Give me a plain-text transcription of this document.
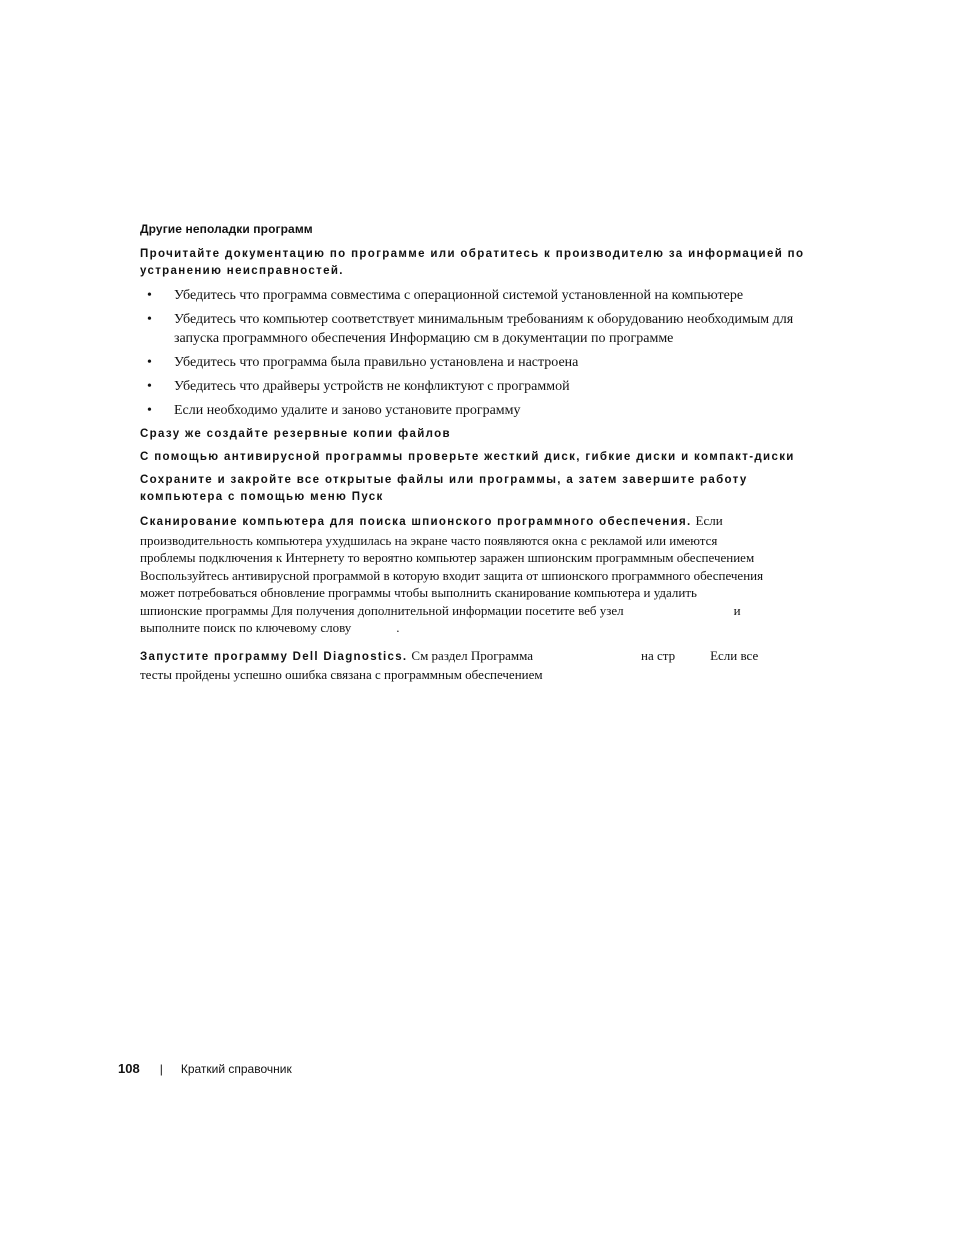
Другие неполадки программ
Прочитайте документацию по программе или обратитесь к производителю за информацией по устранению неисправностей.
• Убедитесь что программа совместима с операционной системой установленной на компьютере
• Убедитесь что компьютер соответствует минимальным требованиям к оборудованию необходимым для запуска программного обеспечения Информацию см в документации по программе
• Убедитесь что программа была правильно установлена и настроена
• Убедитесь что драйверы устройств не конфликтуют с программой
• Если необходимо удалите и заново установите программу
Сразу же создайте резервные копии файлов
С помощью антивирусной программы проверьте жесткий диск, гибкие диски и компакт-диски
Сохраните и закройте все открытые файлы или программы, а затем завершите работу компьютера с помощью меню Пуск
Сканирование компьютера для поиска шпионского программного обеспечения. Если
производительность компьютера ухудшилась на экране часто появляются окна с рекламой или имеются
проблемы подключения к Интернету то вероятно компьютер заражен шпионским программным обеспечением
Воспользуйтесь антивирусной программой в которую входит защита от шпионского программного обеспечения
может потребоваться обновление программы чтобы выполнить сканирование компьютера и удалить
шпионские программы Для получения дополнительной информации посетите веб узел	и
выполните поиск по ключевому слову	.
Запустите программу Dell Diagnostics. См раздел Программа	на стр	Если все
тесты пройдены успешно ошибка связана с программным обеспечением
108 | Краткий справочник
